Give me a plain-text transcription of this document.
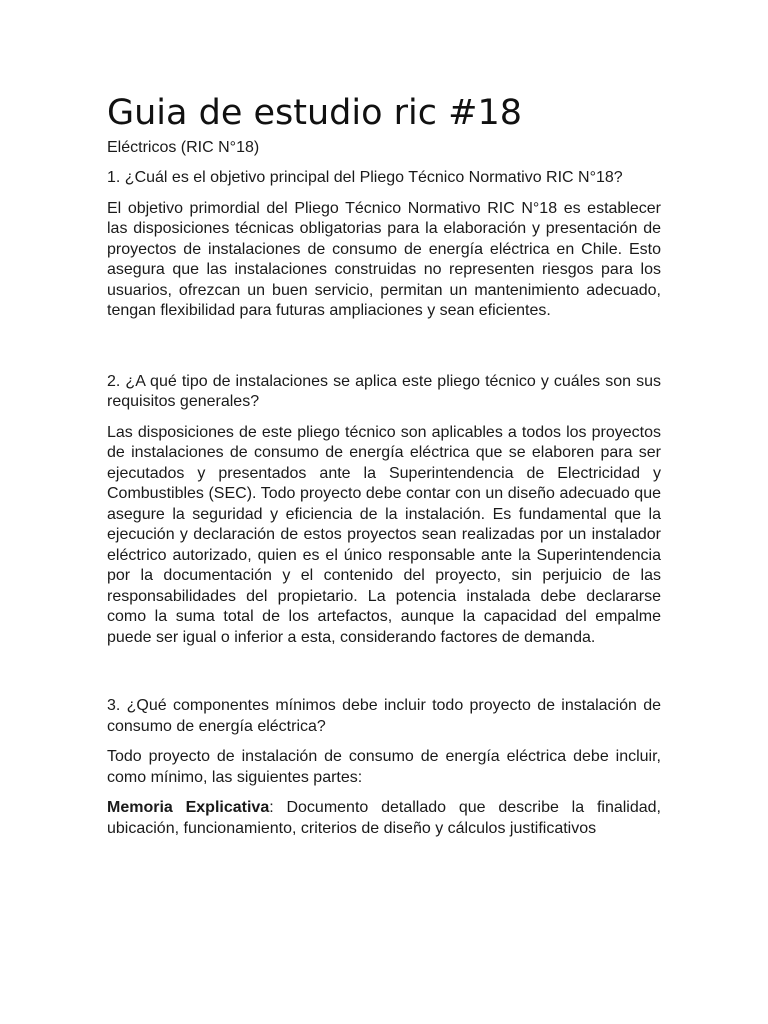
Guia de estudio ric #18
Eléctricos (RIC N°18)

1. ¿Cuál es el objetivo principal del Pliego Técnico Normativo RIC N°18?

El objetivo primordial del Pliego Técnico Normativo RIC N°18 es establecer las disposiciones técnicas obligatorias para la elaboración y presentación de proyectos de instalaciones de consumo de energía eléctrica en Chile. Esto asegura que las instalaciones construidas no representen riesgos para los usuarios, ofrezcan un buen servicio, permitan un mantenimiento adecuado, tengan flexibilidad para futuras ampliaciones y sean eficientes.

2. ¿A qué tipo de instalaciones se aplica este pliego técnico y cuáles son sus requisitos generales?

Las disposiciones de este pliego técnico son aplicables a todos los proyectos de instalaciones de consumo de energía eléctrica que se elaboren para ser ejecutados y presentados ante la Superintendencia de Electricidad y Combustibles (SEC). Todo proyecto debe contar con un diseño adecuado que asegure la seguridad y eficiencia de la instalación. Es fundamental que la ejecución y declaración de estos proyectos sean realizadas por un instalador eléctrico autorizado, quien es el único responsable ante la Superintendencia por la documentación y el contenido del proyecto, sin perjuicio de las responsabilidades del propietario. La potencia instalada debe declararse como la suma total de los artefactos, aunque la capacidad del empalme puede ser igual o inferior a esta, considerando factores de demanda.

3. ¿Qué componentes mínimos debe incluir todo proyecto de instalación de consumo de energía eléctrica?

Todo proyecto de instalación de consumo de energía eléctrica debe incluir, como mínimo, las siguientes partes:

Memoria Explicativa: Documento detallado que describe la finalidad, ubicación, funcionamiento, criterios de diseño y cálculos justificativos
